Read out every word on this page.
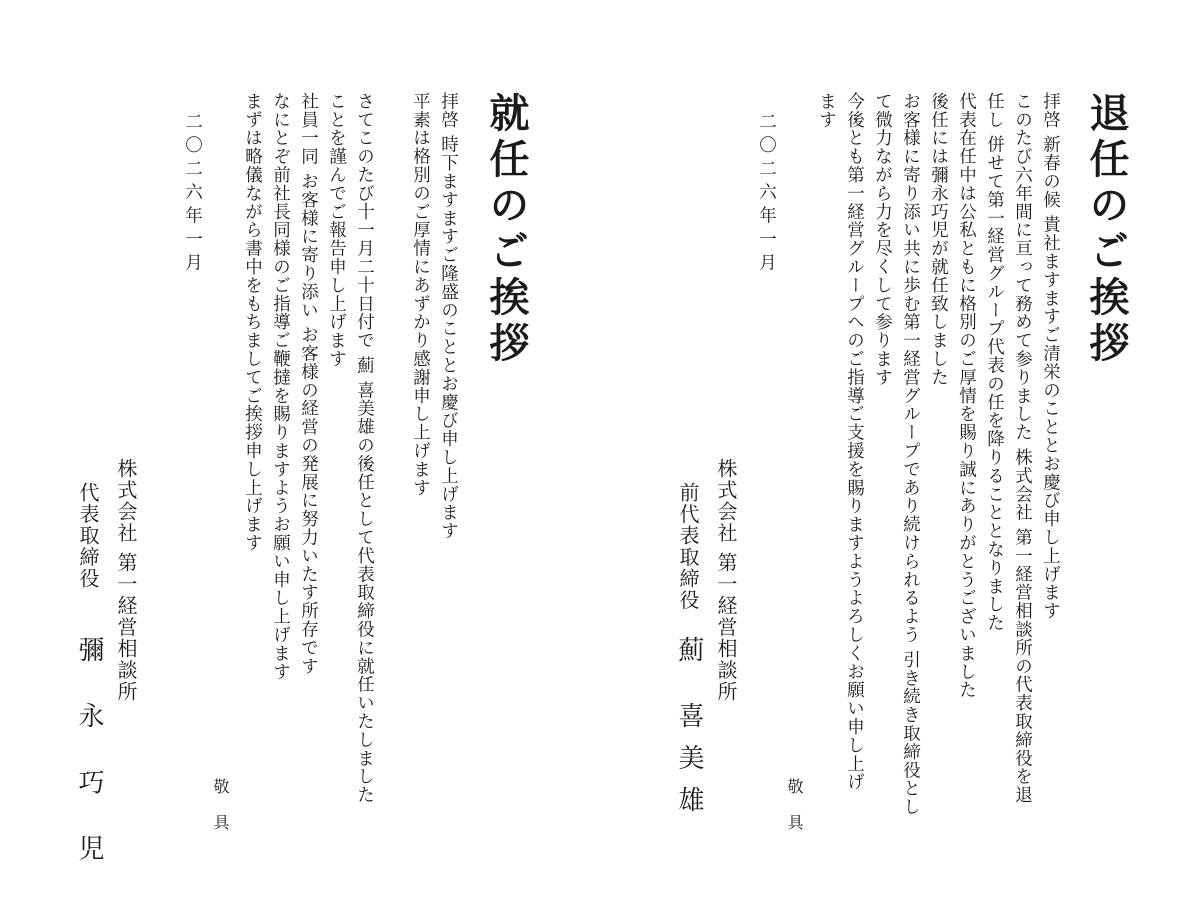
退任のご挨拶
拝啓 新春の候 貴社ますますご清栄のこととお慶び申し上げます
このたび六年間に亘って務めて参りました 株式会社 第一経営相談所の代表取締役を退
任し 併せて第一経営グループ代表の任を降りることとなりました
代表在任中は公私ともに格別のご厚情を賜り誠にありがとうございました
後任には彌永巧児が就任致しました
お客様に寄り添い共に歩む第一経営グループであり続けられるよう 引き続き取締役とし
て微力ながら力を尽くして参ります
今後とも第一経営グループへのご指導ご支援を賜りますようよろしくお願い申し上げ
ます
二〇二六年一月
敬具
株式会社 第一経営相談所
前代表取締役
薊 喜美雄
就任のご挨拶
拝啓 時下ますますご隆盛のこととお慶び申し上げます
平素は格別のご厚情にあずかり感謝申し上げます
さてこのたび十一月二十日付で 薊 喜美雄の後任として代表取締役に就任いたしました
ことを謹んでご報告申し上げます
社員一同 お客様に寄り添い お客様の経営の発展に努力いたす所存です
なにとぞ前社長同様のご指導ご鞭撻を賜りますようお願い申し上げます
まずは略儀ながら書中をもちましてご挨拶申し上げます
二〇二六年一月
敬具
株式会社 第一経営相談所
代表取締役
彌 永 巧 児
